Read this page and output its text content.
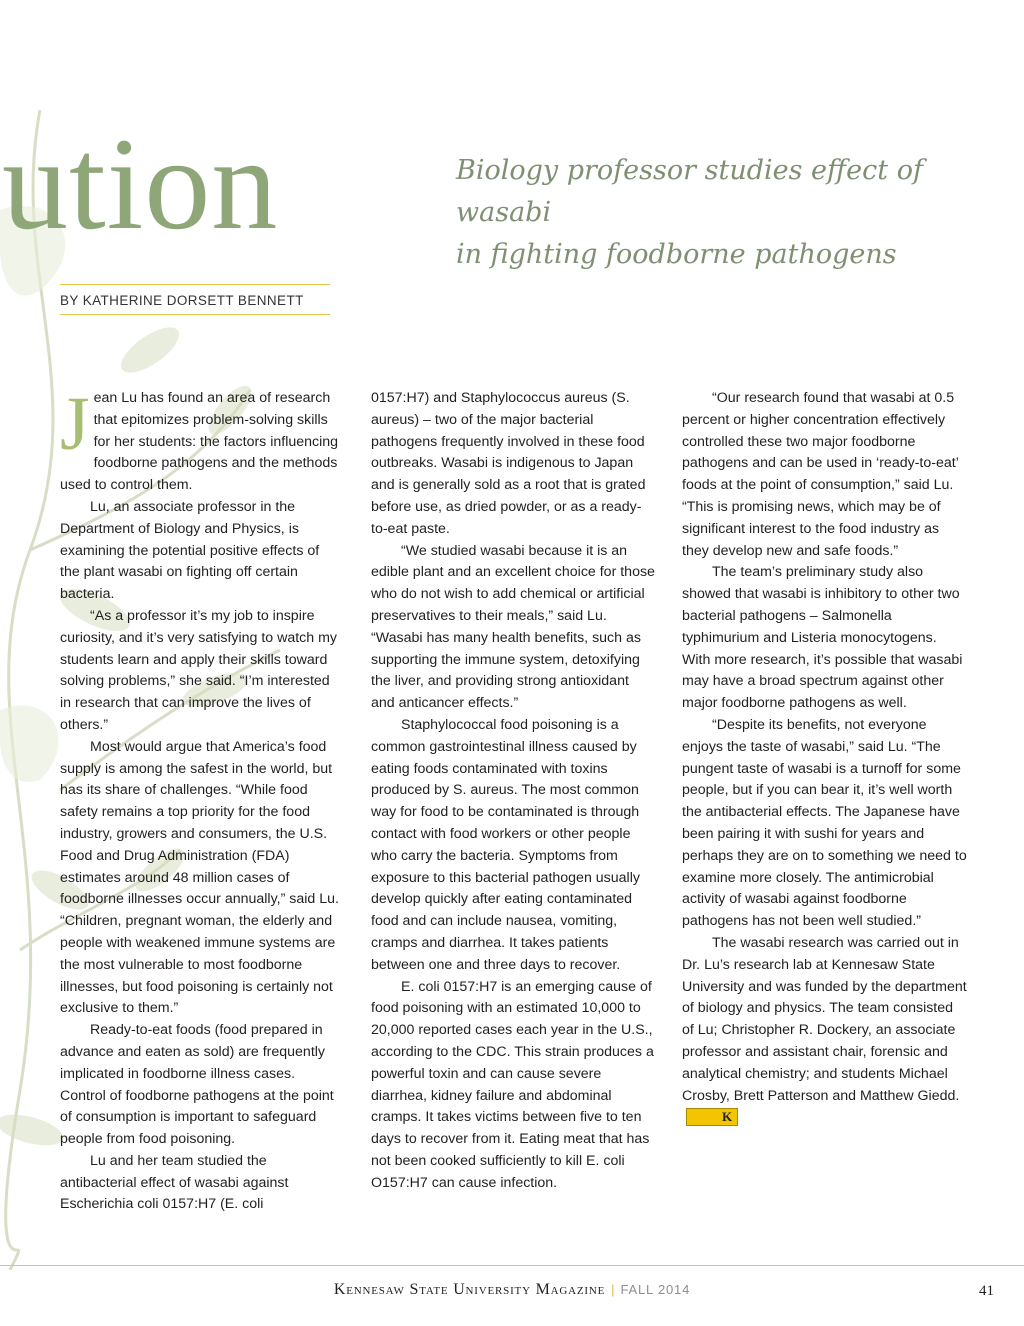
ution	Biology professor studies effect of wasabi
in fighting foodborne pathogens
BY KATHERINE DORSETT BENNETT

Jean Lu has found an area of research that epitomizes problem-solving skills for her students: the factors influencing foodborne pathogens and the methods used to control them.

Lu, an associate professor in the Department of Biology and Physics, is examining the potential positive effects of the plant wasabi on fighting off certain bacteria.

“As a professor it’s my job to inspire curiosity, and it’s very satisfying to watch my students learn and apply their skills toward solving problems,” she said. “I’m interested in research that can improve the lives of others.”

Most would argue that America’s food supply is among the safest in the world, but has its share of challenges. “While food safety remains a top priority for the food industry, growers and consumers, the U.S. Food and Drug Administration (FDA) estimates around 48 million cases of foodborne illnesses occur annually,” said Lu. “Children, pregnant woman, the elderly and people with weakened immune systems are the most vulnerable to most foodborne illnesses, but food poisoning is certainly not exclusive to them.”

Ready-to-eat foods (food prepared in advance and eaten as sold) are frequently implicated in foodborne illness cases. Control of foodborne pathogens at the point of consumption is important to safeguard people from food poisoning.

Lu and her team studied the antibacterial effect of wasabi against Escherichia coli 0157:H7 (E. coli

0157:H7) and Staphylococcus aureus (S. aureus) – two of the major bacterial pathogens frequently involved in these food outbreaks. Wasabi is indigenous to Japan and is generally sold as a root that is grated before use, as dried powder, or as a ready-to-eat paste.

“We studied wasabi because it is an edible plant and an excellent choice for those who do not wish to add chemical or artificial preservatives to their meals,” said Lu. “Wasabi has many health benefits, such as supporting the immune system, detoxifying the liver, and providing strong antioxidant and anticancer effects.”

Staphylococcal food poisoning is a common gastrointestinal illness caused by eating foods contaminated with toxins produced by S. aureus. The most common way for food to be contaminated is through contact with food workers or other people who carry the bacteria. Symptoms from exposure to this bacterial pathogen usually develop quickly after eating contaminated food and can include nausea, vomiting, cramps and diarrhea. It takes patients between one and three days to recover.

E. coli 0157:H7 is an emerging cause of food poisoning with an estimated 10,000 to 20,000 reported cases each year in the U.S., according to the CDC. This strain produces a powerful toxin and can cause severe diarrhea, kidney failure and abdominal cramps. It takes victims between five to ten days to recover from it. Eating meat that has not been cooked sufficiently to kill E. coli O157:H7 can cause infection.

“Our research found that wasabi at 0.5 percent or higher concentration effectively controlled these two major foodborne pathogens and can be used in ‘ready-to-eat’ foods at the point of consumption,” said Lu. “This is promising news, which may be of significant interest to the food industry as they develop new and safe foods.”

The team’s preliminary study also showed that wasabi is inhibitory to other two bacterial pathogens – Salmonella typhimurium and Listeria monocytogens. With more research, it’s possible that wasabi may have a broad spectrum against other major foodborne pathogens as well.

“Despite its benefits, not everyone enjoys the taste of wasabi,” said Lu. “The pungent taste of wasabi is a turnoff for some people, but if you can bear it, it’s well worth the antibacterial effects. The Japanese have been pairing it with sushi for years and perhaps they are on to something we need to examine more closely. The antimicrobial activity of wasabi against foodborne pathogens has not been well studied.”

The wasabi research was carried out in Dr. Lu’s research lab at Kennesaw State University and was funded by the department of biology and physics. The team consisted of Lu; Christopher R. Dockery, an associate professor and assistant chair, forensic and analytical chemistry; and students Michael Crosby, Brett Patterson and Matthew Giedd.K

Kennesaw State University Magazine | FALL 2014	41
